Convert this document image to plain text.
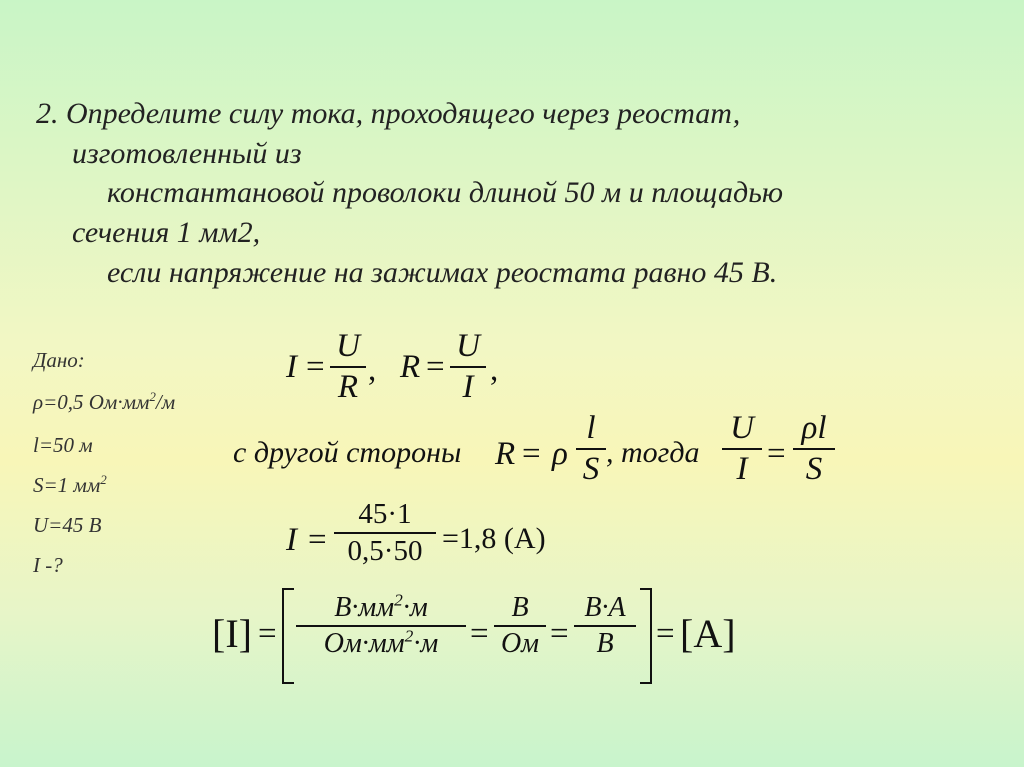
2. Определите силу тока, проходящего через реостат,
изготовленный из
константановой проволоки длиной 50 м и площадью
сечения 1 мм2,
если напряжение на зажимах реостата равно 45 В.
Дано:
ρ=0,5 $Ом\cdot мм^2/м$
l=50 м
S=1 $мм^2$
U=45 В
I -?
I =
U
R , R =
U
I ,
с другой стороны R = ρ
l
S , тогда
U
I =
ρl
S
I =
45·1
0,5·50 =1,8 (A)
[I] =
$В\cdot мм^2\cdot м$
$Ом\cdot мм^2\cdot м$ =
В
Ом =
В·А
В	= [A]
